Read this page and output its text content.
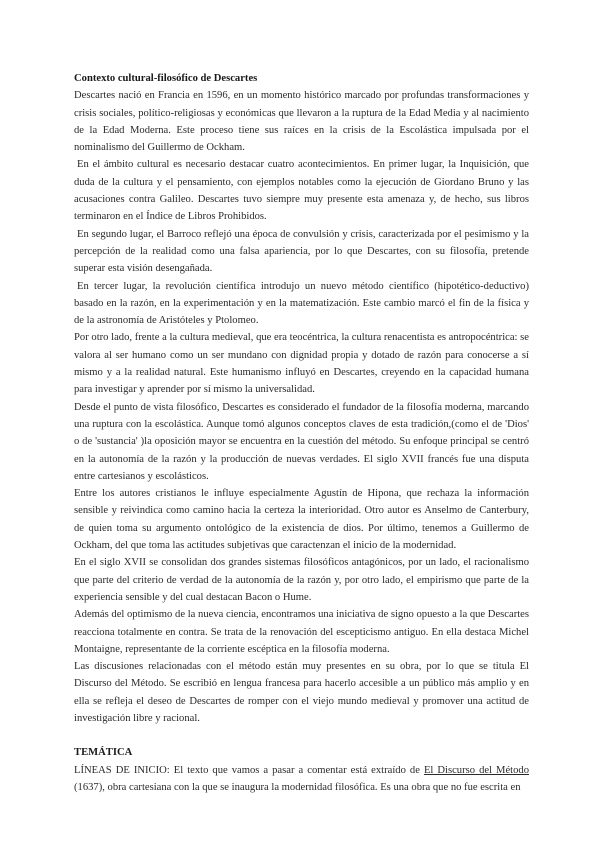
Contexto cultural-filosófico de Descartes

Descartes nació en Francia en 1596, en un momento histórico marcado por profundas transformaciones y crisis sociales, político-religiosas y económicas que llevaron a la ruptura de la Edad Media y al nacimiento de la Edad Moderna. Este proceso tiene sus raíces en la crisis de la Escolástica impulsada por el nominalismo del Guillermo de Ockham.

En el ámbito cultural es necesario destacar cuatro acontecimientos. En primer lugar, la Inquisición, que duda de la cultura y el pensamiento, con ejemplos notables como la ejecución de Giordano Bruno y las acusaciones contra Galileo. Descartes tuvo siempre muy presente esta amenaza y, de hecho, sus libros terminaron en el Índice de Libros Prohibidos.

En segundo lugar, el Barroco reflejó una época de convulsión y crisis, caracterizada por el pesimismo y la percepción de la realidad como una falsa apariencia, por lo que Descartes, con su filosofía, pretende superar esta visión desengañada.

En tercer lugar, la revolución científica introdujo un nuevo método científico (hipotético-deductivo) basado en la razón, en la experimentación y en la matematización. Este cambio marcó el fin de la física y de la astronomía de Aristóteles y Ptolomeo.

Por otro lado, frente a la cultura medieval, que era teocéntrica, la cultura renacentista es antropocéntrica: se valora al ser humano como un ser mundano con dignidad propia y dotado de razón para conocerse a sí mismo y a la realidad natural. Este humanismo influyó en Descartes, creyendo en la capacidad humana para investigar y aprender por sí mismo la universalidad.

Desde el punto de vista filosófico, Descartes es considerado el fundador de la filosofía moderna, marcando una ruptura con la escolástica. Aunque tomó algunos conceptos claves de esta tradición,(como el de 'Dios' o de 'sustancia' )la oposición mayor se encuentra en la cuestión del método. Su enfoque principal se centró en la autonomía de la razón y la producción de nuevas verdades. El siglo XVII francés fue una disputa entre cartesianos y escolásticos.

Entre los autores cristianos le influye especialmente Agustín de Hipona, que rechaza la información sensible y reivindica como camino hacia la certeza la interioridad. Otro autor es Anselmo de Canterbury, de quien toma su argumento ontológico de la existencia de dios. Por último, tenemos a Guillermo de Ockham, del que toma las actitudes subjetivas que caractenzan el inicio de la modernidad.

En el siglo XVII se consolidan dos grandes sistemas filosóficos antagónicos, por un lado, el racionalismo que parte del criterio de verdad de la autonomía de la razón y, por otro lado, el empirismo que parte de la experiencia sensible y del cual destacan Bacon o Hume.

Además del optimismo de la nueva ciencia, encontramos una iniciativa de signo opuesto a la que Descartes reacciona totalmente en contra. Se trata de la renovación del escepticismo antiguo. En ella destaca Michel Montaigne, representante de la corriente escéptica en la filosofía moderna.

Las discusiones relacionadas con el método están muy presentes en su obra, por lo que se titula El Discurso del Método. Se escribió en lengua francesa para hacerlo accesible a un público más amplio y en ella se refleja el deseo de Descartes de romper con el viejo mundo medieval y promover una actitud de investigación libre y racional.

TEMÁTICA

LÍNEAS DE INICIO: El texto que vamos a pasar a comentar está extraído de El Discurso del Método (1637), obra cartesiana con la que se inaugura la modernidad filosófica. Es una obra que no fue escrita en
